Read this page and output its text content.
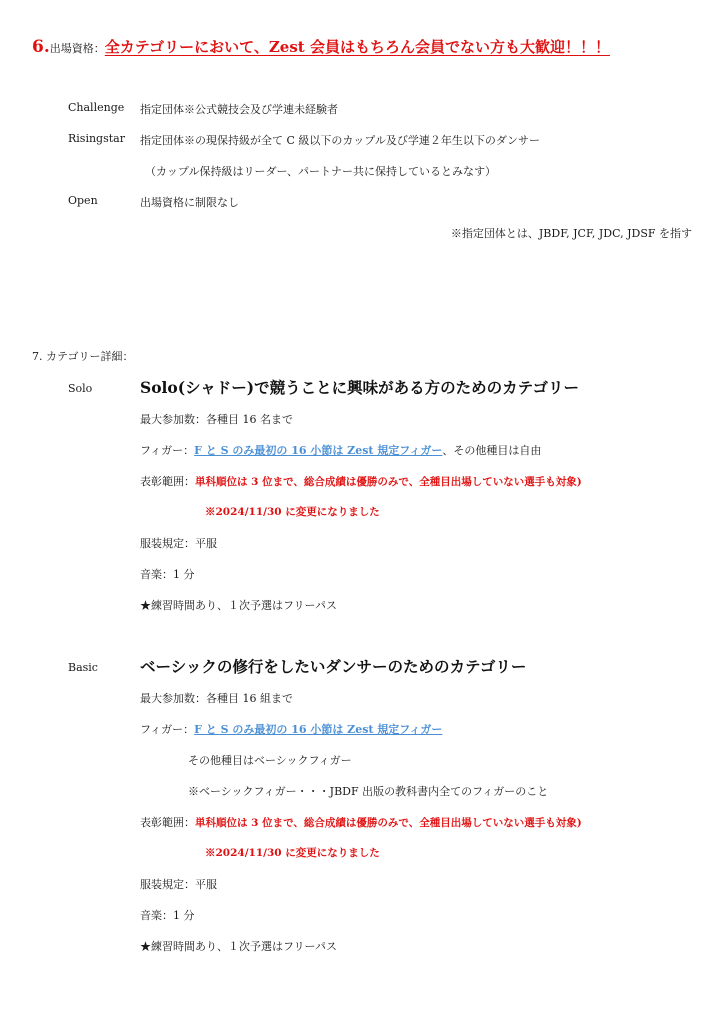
6.出場資格：全カテゴリーにおいて、Zest 会員はもちろん会員でない方も大歓迎！！！
Challenge 指定団体※公式競技会及び学連未経験者
Risingstar 指定団体※の現保持級が全て C 級以下のカップル及び学連２年生以下のダンサー
（カップル保持級はリーダー、パートナー共に保持しているとみなす）
Open	出場資格に制限なし
※指定団体とは、JBDF, JCF, JDC, JDSF を指す
7. カテゴリー詳細：
Solo	Solo(シャドー)で競うことに興味がある方のためのカテゴリー
最大参加数：各種目 16 名まで
フィガー：F と S のみ最初の 16 小節は Zest 規定フィガー、その他種目は自由
表彰範囲：単科順位は 3 位まで、総合成績は優勝のみで、全種目出場していない選手も対象)
※2024/11/30 に変更になりました
服装規定：平服
音楽：1 分
★練習時間あり、１次予選はフリーパス
Basic	ベーシックの修行をしたいダンサーのためのカテゴリー
最大参加数：各種目 16 組まで
フィガー：F と S のみ最初の 16 小節は Zest 規定フィガー
その他種目はベーシックフィガー
※ベーシックフィガー・・・JBDF 出版の教科書内全てのフィガーのこと
表彰範囲：単科順位は 3 位まで、総合成績は優勝のみで、全種目出場していない選手も対象)
※2024/11/30 に変更になりました
服装規定：平服
音楽：1 分
★練習時間あり、１次予選はフリーパス
